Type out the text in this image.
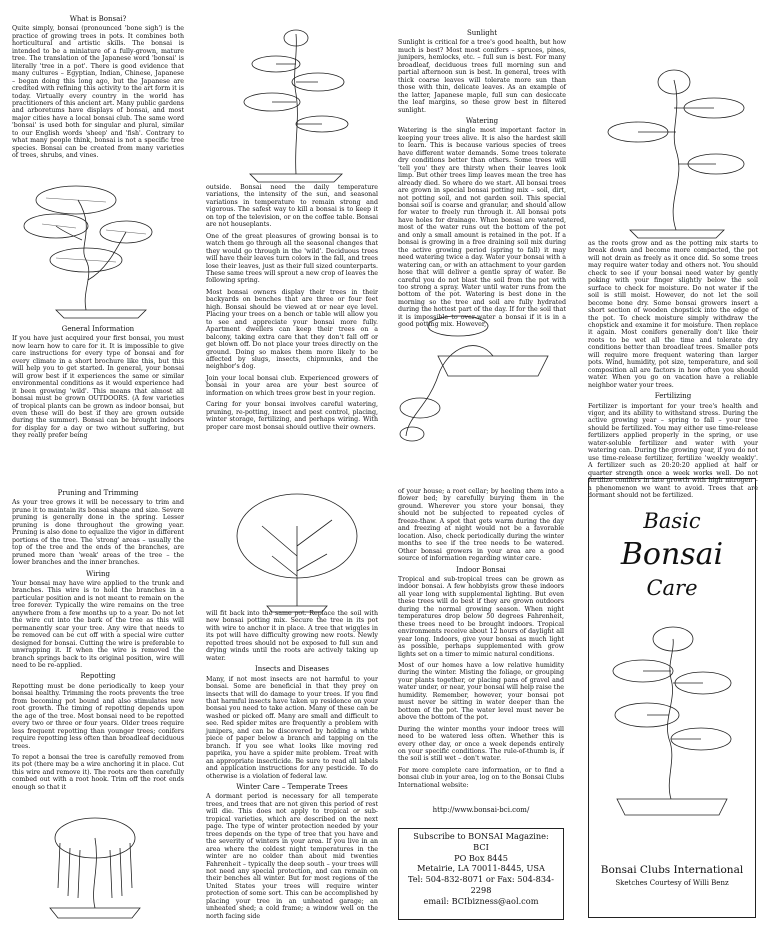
What is Bonsai?

Quite simply, bonsai (pronounced 'bone sigh') is the practice of growing trees in pots. It combines both horticultural and artistic skills. The bonsai is intended to be a miniature of a fully-grown, mature tree. The translation of the Japanese word 'bonsai' is literally 'tree in a pot'. There is good evidence that many cultures – Egyptian, Indian, Chinese, Japanese – began doing this long ago, but the Japanese are credited with refining this activity to the art form it is today. Virtually every country in the world has practitioners of this ancient art. Many public gardens and arboretums have displays of bonsai, and most major cities have a local bonsai club. The same word 'bonsai' is used both for singular and plural, similar to our English words 'sheep' and 'fish'. Contrary to what many people think, bonsai is not a specific tree species. Bonsai can be created from many varieties of trees, shrubs, and vines.

General Information

If you have just acquired your first bonsai, you must now learn how to care for it. It is impossible to give care instructions for every type of bonsai and for every climate in a short brochure like this, but this will help you to get started. In general, your bonsai will grow best if it experiences the same or similar environmental conditions as it would experience had it been growing 'wild'. This means that almost all bonsai must be grown OUTDOORS. (A few varieties of tropical plants can be grown as indoor bonsai, but even these will do best if they are grown outside during the summer). Bonsai can be brought indoors for display for a day or two without suffering, but they really prefer being

outside. Bonsai need the daily temperature variations, the intensity of the sun, and seasonal variations in temperature to remain strong and vigorous. The safest way to kill a bonsai is to keep it on top of the television, or on the coffee table. Bonsai are not houseplants.

One of the great pleasures of growing bonsai is to watch them go through all the seasonal changes that they would go through in the 'wild'. Deciduous trees will have their leaves turn colors in the fall, and trees lose their leaves, just as their full sized counterparts. These same trees will sprout a new crop of leaves the following spring.

Most bonsai owners display their trees in their backyards on benches that are three or four feet high. Bonsai should be viewed at or near eye level. Placing your trees on a bench or table will allow you to see and appreciate your bonsai more fully. Apartment dwellers can keep their trees on a balcony, taking extra care that they don't fall off or get blown off. Do not place your trees directly on the ground. Doing so makes them more likely to be affected by slugs, insects, chipmunks, and the neighbor's dog.

Join your local bonsai club. Experienced growers of bonsai in your area are your best source of information on which trees grow best in your region.

Caring for your bonsai involves careful watering, pruning, re-potting, insect and pest control, placing, winter storage, fertilizing, and perhaps wiring. With proper care most bonsai should outlive their owners.

Sunlight

Sunlight is critical for a tree's good health, but how much is best? Most most conifers – spruces, pines, junipers, hemlocks, etc. – full sun is best. For many broadleaf, deciduous trees full morning sun and partial afternoon sun is best. In general, trees with thick coarse leaves will tolerate more sun than those with thin, delicate leaves. As an example of the latter, Japanese maple, full sun can desiccate the leaf margins, so these grow best in filtered sunlight.

Watering

Watering is the single most important factor in keeping your trees alive. It is also the hardest skill to learn. This is because various species of trees have different water demands. Some trees tolerate dry conditions better than others. Some trees will 'tell you' they are thirsty when their leaves look limp. But other trees limp leaves mean the tree has already died. So where do we start. All bonsai trees are grown in special bonsai potting mix – soil, dirt, not potting soil, and not garden soil. This special bonsai soil is coarse and granular, and should allow for water to freely run through it. All bonsai pots have holes for drainage. When bonsai are watered, most of the water runs out the bottom of the pot and only a small amount is retained in the pot. If a bonsai is growing in a free draining soil mix during the active growing period (spring to fall) it may need watering twice a day. Water your bonsai with a watering can, or with an attachment to your garden hose that will deliver a gentle spray of water. Be careful you do not blast the soil from the pot with too strong a spray. Water until water runs from the bottom of the pot. Watering is best done in the morning so the tree and soil are fully hydrated during the hottest part of the day. If for the soil that it is impossible to over-water a bonsai if it is in a good potting mix. However,

as the roots grow and as the potting mix starts to break down and become more compacted, the pot will not drain as freely as it once did. So some trees may require water today and others not. You should check to see if your bonsai need water by gently poking with your finger slightly below the soil surface to check for moisture. Do not water if the soil is still moist. However, do not let the soil become bone dry. Some bonsai growers insert a short section of wooden chopstick into the edge of the pot. To check moisture simply withdraw the chopstick and examine it for moisture. Then replace it again. Most conifers generally don't like their roots to be wet all the time and tolerate dry conditions better than broadleaf trees. Smaller pots will require more frequent watering than larger pots. Wind, humidity, pot size, temperature, and soil composition all are factors in how often you should water. When you go on vacation have a reliable neighbor water your trees.

Fertilizing

Fertilizer is important for your tree's health and vigor, and its ability to withstand stress. During the active growing year – spring to fall – your tree should be fertilized. You may either use time-release fertilizers applied properly in the spring, or use water-soluble fertilizer and water with your watering can. During the growing year, if you do not use time-release fertilizer, fertilize 'weekly weakly'. A fertilizer such as 20:20:20 applied at half or quarter strength once a week works well. Do not fertilize conifers in late growth with high nitrogen – a phenomenon we want to avoid. Trees that are dormant should not be fertilized.

Pruning and Trimming

As your tree grows it will be necessary to trim and prune it to maintain its bonsai shape and size. Severe pruning is generally done in the spring. Lesser pruning is done throughout the growing year. Pruning is also done to equalize the vigor in different portions of the tree. The 'strong' areas – usually the top of the tree and the ends of the branches, are pruned more than 'weak' areas of the tree – the lower branches and the inner branches.

Wiring

Your bonsai may have wire applied to the trunk and branches. This wire is to hold the branches in a particular position and is not meant to remain on the tree forever. Typically the wire remains on the tree anywhere from a few months up to a year. Do not let the wire cut into the bark of the tree as this will permanently scar your tree. Any wire that needs to be removed can be cut off with a special wire cutter designed for bonsai. Cutting the wire is preferable to unwrapping it. If when the wire is removed the branch springs back to its original position, wire will need to be re-applied.

Repotting

Repotting must be done periodically to keep your bonsai healthy. Trimming the roots prevents the tree from becoming pot bound and also stimulates new root growth. The timing of repotting depends upon the age of the tree. Most bonsai need to be repotted every two or three or four years. Older trees require less frequent repotting than younger trees; conifers require repotting less often than broadleaf deciduous trees.

To repot a bonsai the tree is carefully removed from its pot (there may be a wire anchoring it in place. Cut this wire and remove it). The roots are then carefully combed out with a root hook. Trim off the root ends enough so that it

will fit back into the same pot. Replace the soil with new bonsai potting mix. Secure the tree in its pot with wire to anchor it in place. A tree that wiggles in its pot will have difficulty growing new roots. Newly repotted trees should not be exposed to full sun and drying winds until the roots are actively taking up water.

Insects and Diseases

Many, if not most insects are not harmful to your bonsai. Some are beneficial in that they prey on insects that will do damage to your trees. If you find that harmful insects have taken up residence on your bonsai you need to take action. Many of these can be washed or picked off. Many are small and difficult to see. Red spider mites are frequently a problem with junipers, and can be discovered by holding a white piece of paper below a branch and tapping on the branch. If you see what looks like moving red paprika, you have a spider mite problem. Treat with an appropriate insecticide. Be sure to read all labels and application instructions for any pesticide. To do otherwise is a violation of federal law.

Winter Care – Temperate Trees

A dormant period is necessary for all temperate trees, and trees that are not given this period of rest will die. This does not apply to tropical or sub-tropical varieties, which are described on the next page. The type of winter protection needed by your trees depends on the type of tree that you have and the severity of winters in your area. If you live in an area where the coldest night temperatures in the winter are no colder than about mid twenties Fahrenheit – typically the deep south – your trees will not need any special protection, and can remain on their benches all winter. But for most regions of the United States your trees will require winter protection of some sort. This can be accomplished by placing your tree in an unheated garage; an unheated shed; a cold frame; a window well on the north facing side

of your house; a root cellar; by heeling them into a flower bed; by carefully burying them in the ground. Wherever you store your bonsai, they should not be subjected to repeated cycles of freeze-thaw. A spot that gets warm during the day and freezing at night would not be a favorable location. Also, check periodically during the winter months to see if the tree needs to be watered. Other bonsai growers in your area are a good source of information regarding winter care.

Indoor Bonsai

Tropical and sub-tropical trees can be grown as indoor bonsai. A few hobbyists grow these indoors all year long with supplemental lighting. But even these trees will do best if they are grown outdoors during the normal growing season. When night temperatures drop below 50 degrees Fahrenheit, these trees need to be brought indoors. Tropical environments receive about 12 hours of daylight all year long. Indoors, give your bonsai as much light as possible, perhaps supplemented with grow lights set on a timer to mimic natural conditions.

Most of our homes have a low relative humidity during the winter. Misting the foliage, or grouping your plants together, or placing pans of gravel and water under, or near, your bonsai will help raise the humidity. Remember, however, your bonsai pot must never be sitting in water deeper than the bottom of the pot. The water level must never be above the bottom of the pot.

During the winter months your indoor trees will need to be watered less often. Whether this is every other day, or once a week depends entirely on your specific conditions. The rule-of-thumb is, if the soil is still wet – don't water.

For more complete care information, or to find a bonsai club in your area, log on to the Bonsai Clubs International website:

http://www.bonsai-bci.com/
Subscribe to BONSAI Magazine:
BCI
PO Box 8445
Metairie, LA 70011-8445, USA
Tel: 504-832-8071 or Fax: 504-834-2298
email: BCIbizness@aol.com
Basic
Bonsai
Care
Bonsai Clubs International
Sketches Courtesy of Willi Benz
